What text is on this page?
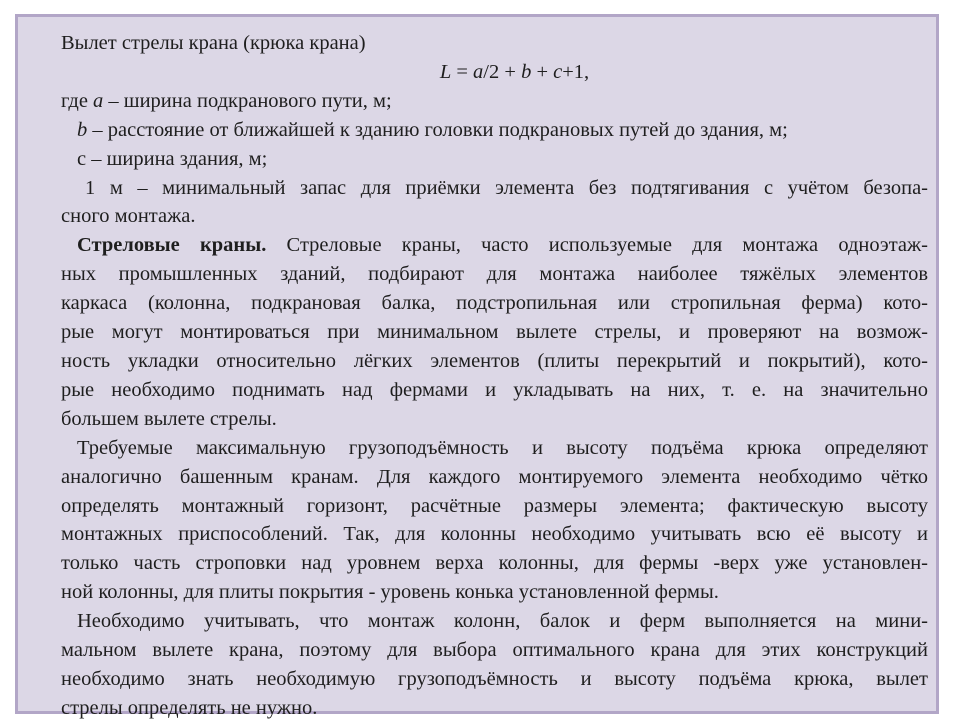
Вылет стрелы крана (крюка крана)
L = a/2 + b + c+1,
где a – ширина подкранового пути, м;
b – расстояние от ближайшей к зданию головки подкрановых путей до здания, м;
с – ширина здания, м;
1 м – минимальный запас для приёмки элемента без подтягивания с учётом безопа-
сного монтажа.
Стреловые краны. Стреловые краны, часто используемые для монтажа одноэтаж-
ных промышленных зданий, подбирают для монтажа наиболее тяжёлых элементов
каркаса (колонна, подкрановая балка, подстропильная или стропильная ферма) кото-
рые могут монтироваться при минимальном вылете стрелы, и проверяют на возмож-
ность укладки относительно лёгких элементов (плиты перекрытий и покрытий), кото-
рые необходимо поднимать над фермами и укладывать на них, т. е. на значительно
большем вылете стрелы.
Требуемые максимальную грузоподъёмность и высоту подъёма крюка определяют
аналогично башенным кранам. Для каждого монтируемого элемента необходимо чётко
определять монтажный горизонт, расчётные размеры элемента; фактическую высоту
монтажных приспособлений. Так, для колонны необходимо учитывать всю её высоту и
только часть строповки над уровнем верха колонны, для фермы -верх уже установлен-
ной колонны, для плиты покрытия - уровень конька установленной фермы.
Необходимо учитывать, что монтаж колонн, балок и ферм выполняется на мини-
мальном вылете крана, поэтому для выбора оптимального крана для этих конструкций
необходимо знать необходимую грузоподъёмность и высоту подъёма крюка, вылет
стрелы определять не нужно.
